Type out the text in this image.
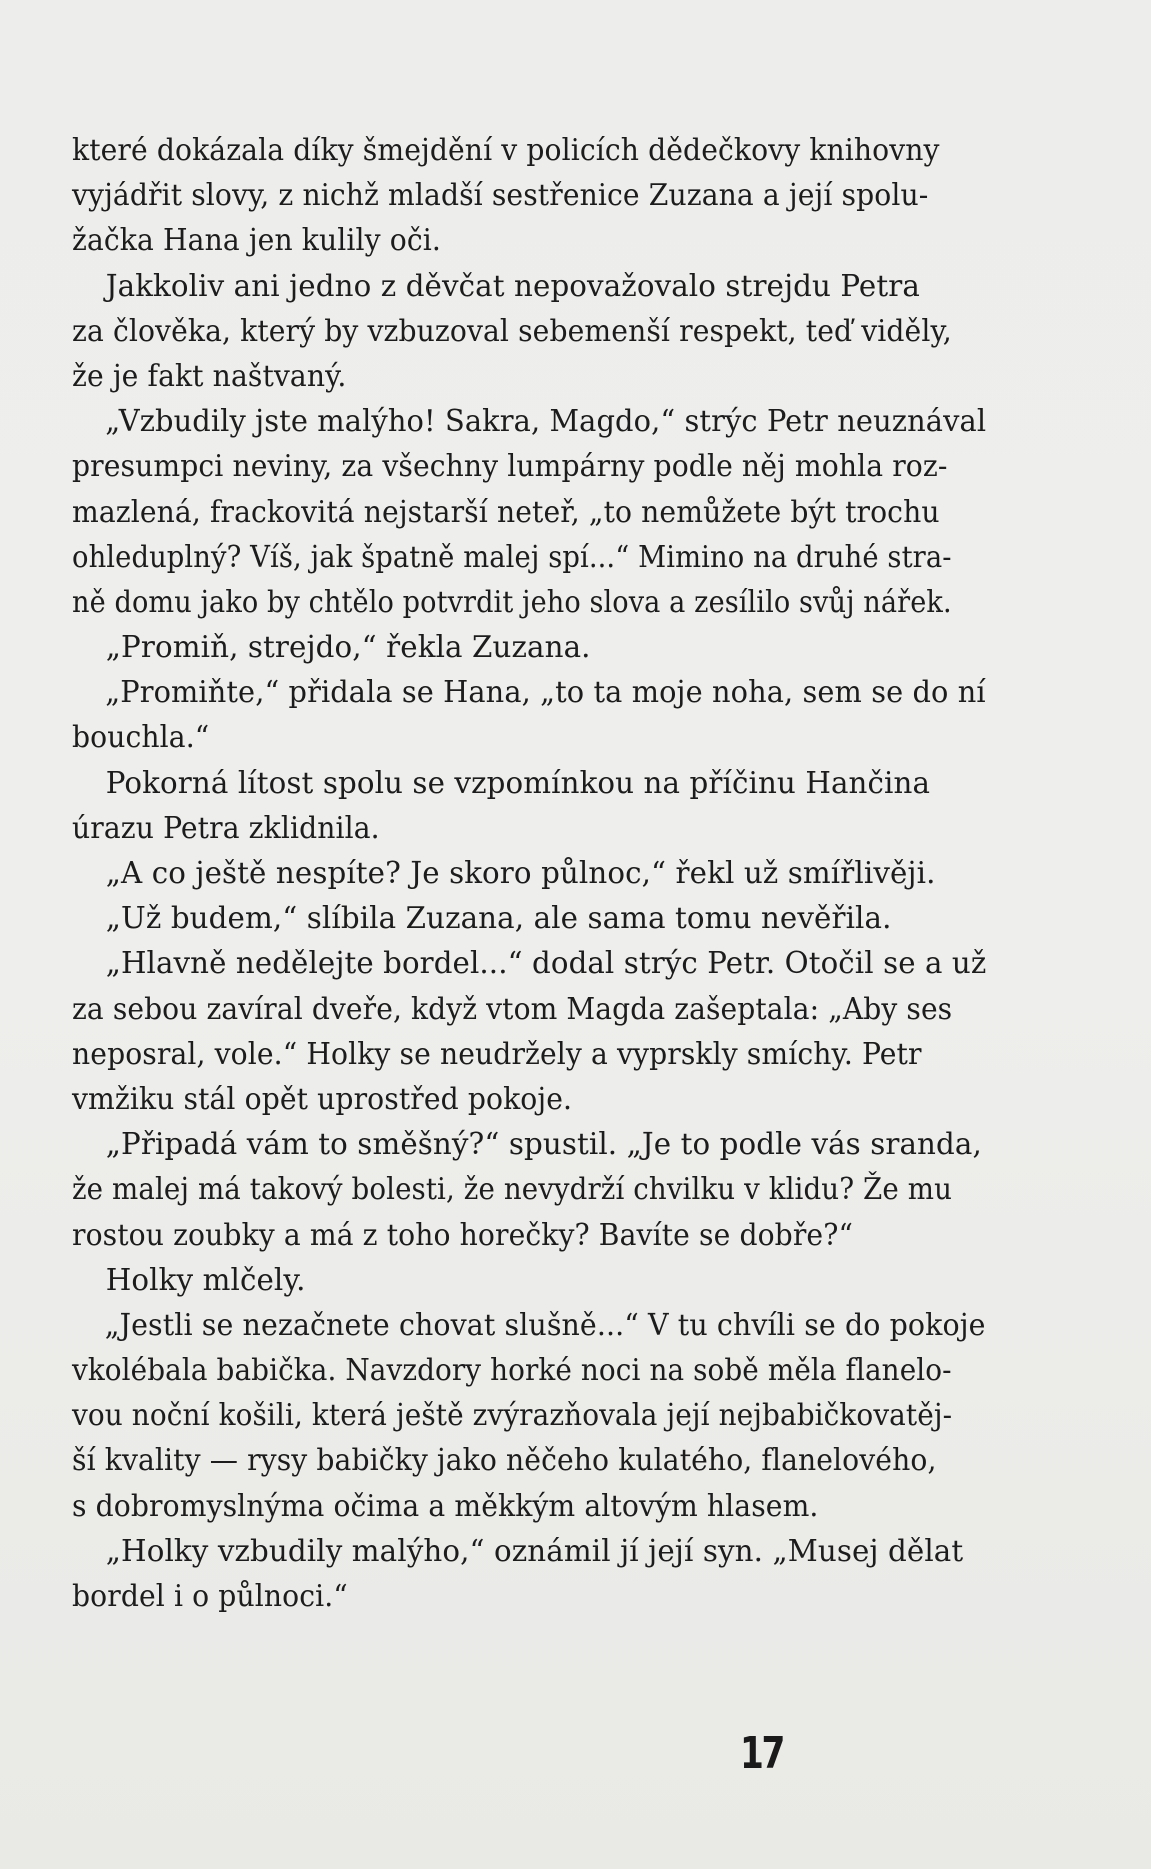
které dokázala díky šmejdění v policích dědečkovy knihovny
vyjádřit slovy, z nichž mladší sestřenice Zuzana a její spolu-
žačka Hana jen kulily oči.
Jakkoliv ani jedno z děvčat nepovažovalo strejdu Petra
za člověka, který by vzbuzoval sebemenší respekt, teď viděly,
že je fakt naštvaný.
„Vzbudily jste malýho! Sakra, Magdo,“ strýc Petr neuznával
presumpci neviny, za všechny lumpárny podle něj mohla roz-
mazlená, frackovitá nejstarší neteř, „to nemůžete být trochu
ohleduplný? Víš, jak špatně malej spí...“ Mimino na druhé stra-
ně domu jako by chtělo potvrdit jeho slova a zesílilo svůj nářek.
„Promiň, strejdo,“ řekla Zuzana.
„Promiňte,“ přidala se Hana, „to ta moje noha, sem se do ní
bouchla.“
Pokorná lítost spolu se vzpomínkou na příčinu Hančina
úrazu Petra zklidnila.
„A co ještě nespíte? Je skoro půlnoc,“ řekl už smířlivěji.
„Už budem,“ slíbila Zuzana, ale sama tomu nevěřila.
„Hlavně nedělejte bordel...“ dodal strýc Petr. Otočil se a už
za sebou zavíral dveře, když vtom Magda zašeptala: „Aby ses
neposral, vole.“ Holky se neudržely a vyprskly smíchy. Petr
vmžiku stál opět uprostřed pokoje.
„Připadá vám to směšný?“ spustil. „Je to podle vás sranda,
že malej má takový bolesti, že nevydrží chvilku v klidu? Že mu
rostou zoubky a má z toho horečky? Bavíte se dobře?“
Holky mlčely.
„Jestli se nezačnete chovat slušně...“ V tu chvíli se do pokoje
vkolébala babička. Navzdory horké noci na sobě měla flanelo-
vou noční košili, která ještě zvýrazňovala její nejbabičkovatěj-
ší kvality — rysy babičky jako něčeho kulatého, flanelového,
s dobromyslnýma očima a měkkým altovým hlasem.
„Holky vzbudily malýho,“ oznámil jí její syn. „Musej dělat
bordel i o půlnoci.“
17
